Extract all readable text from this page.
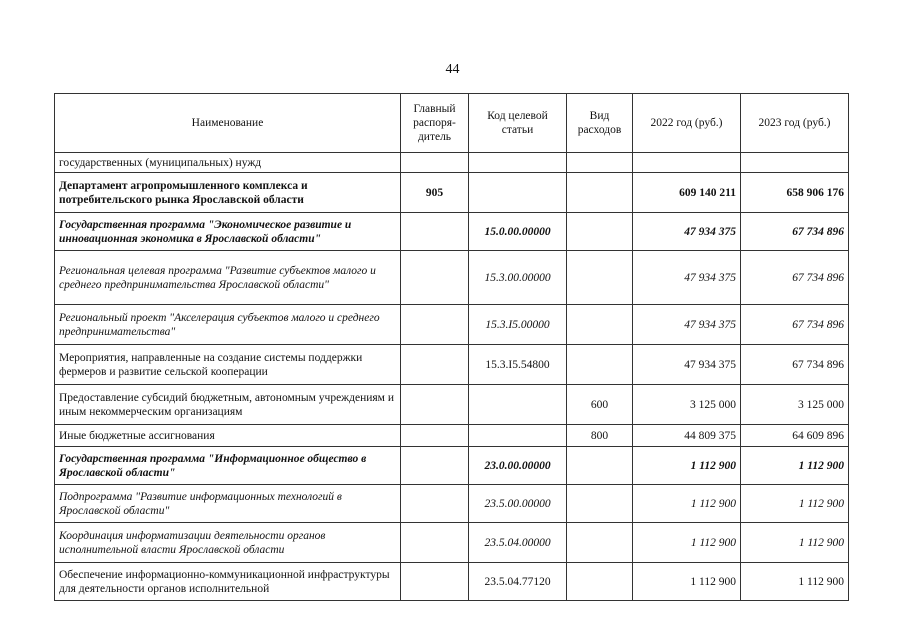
44
Наименование	Главный распоря-дитель	Код целевой статьи	Вид расходов	2022 год (руб.)	2023 год (руб.)
государственных (муниципальных) нужд					
Департамент агропромышленного комплекса и потребительского рынка Ярославской области	905			609 140 211	658 906 176
Государственная программа "Экономическое развитие и инновационная экономика в Ярославской области"		15.0.00.00000		47 934 375	67 734 896
Региональная целевая программа "Развитие субъектов малого и среднего предпринимательства Ярославской области"		15.3.00.00000		47 934 375	67 734 896
Региональный проект "Акселерация субъектов малого и среднего предпринимательства"		15.3.I5.00000		47 934 375	67 734 896
Мероприятия, направленные на создание системы поддержки фермеров и развитие сельской кооперации		15.3.I5.54800		47 934 375	67 734 896
Предоставление субсидий бюджетным, автономным учреждениям и иным некоммерческим организациям			600	3 125 000	3 125 000
Иные бюджетные ассигнования			800	44 809 375	64 609 896
Государственная программа "Информационное общество в Ярославской области"		23.0.00.00000		1 112 900	1 112 900
Подпрограмма "Развитие информационных технологий в Ярославской области"		23.5.00.00000		1 112 900	1 112 900
Координация информатизации деятельности органов исполнительной власти Ярославской области		23.5.04.00000		1 112 900	1 112 900
Обеспечение информационно-коммуникационной инфраструктуры для деятельности органов исполнительной		23.5.04.77120		1 112 900	1 112 900
